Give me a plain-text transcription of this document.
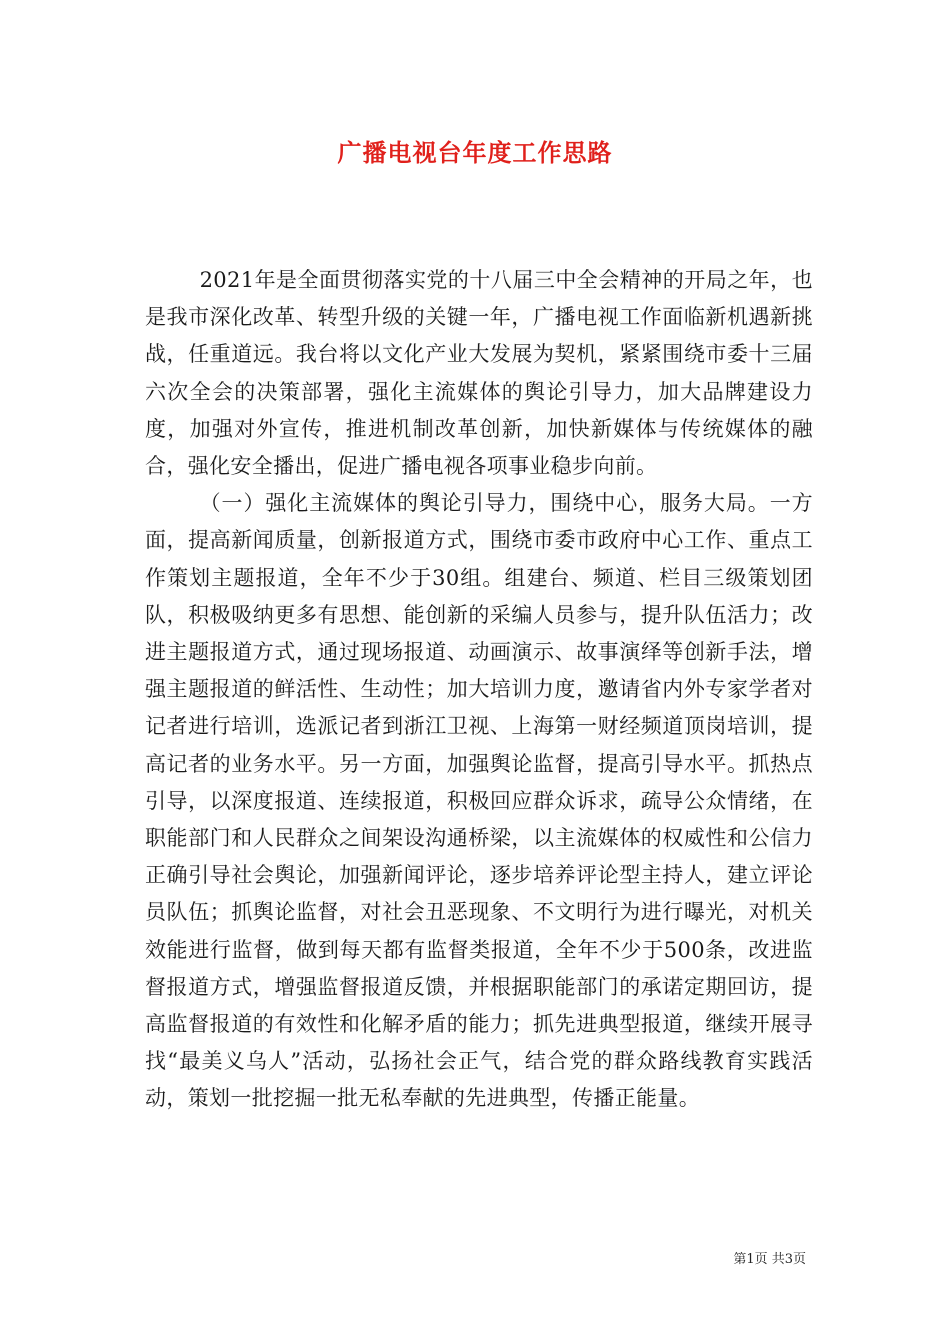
广播电视台年度工作思路

2021年是全面贯彻落实党的十八届三中全会精神的开局之年，也是我市深化改革、转型升级的关键一年，广播电视工作面临新机遇新挑战，任重道远。我台将以文化产业大发展为契机，紧紧围绕市委十三届六次全会的决策部署，强化主流媒体的舆论引导力，加大品牌建设力度，加强对外宣传，推进机制改革创新，加快新媒体与传统媒体的融合，强化安全播出，促进广播电视各项事业稳步向前。

（一）强化主流媒体的舆论引导力，围绕中心，服务大局。一方面，提高新闻质量，创新报道方式，围绕市委市政府中心工作、重点工作策划主题报道，全年不少于30组。组建台、频道、栏目三级策划团队，积极吸纳更多有思想、能创新的采编人员参与，提升队伍活力；改进主题报道方式，通过现场报道、动画演示、故事演绎等创新手法，增强主题报道的鲜活性、生动性；加大培训力度，邀请省内外专家学者对记者进行培训，选派记者到浙江卫视、上海第一财经频道顶岗培训，提高记者的业务水平。另一方面，加强舆论监督，提高引导水平。抓热点引导，以深度报道、连续报道，积极回应群众诉求，疏导公众情绪，在职能部门和人民群众之间架设沟通桥梁，以主流媒体的权威性和公信力正确引导社会舆论，加强新闻评论，逐步培养评论型主持人，建立评论员队伍；抓舆论监督，对社会丑恶现象、不文明行为进行曝光，对机关效能进行监督，做到每天都有监督类报道，全年不少于500条，改进监督报道方式，增强监督报道反馈，并根据职能部门的承诺定期回访，提高监督报道的有效性和化解矛盾的能力；抓先进典型报道，继续开展寻找“最美义乌人”活动，弘扬社会正气，结合党的群众路线教育实践活动，策划一批挖掘一批无私奉献的先进典型，传播正能量。

第1页 共3页
